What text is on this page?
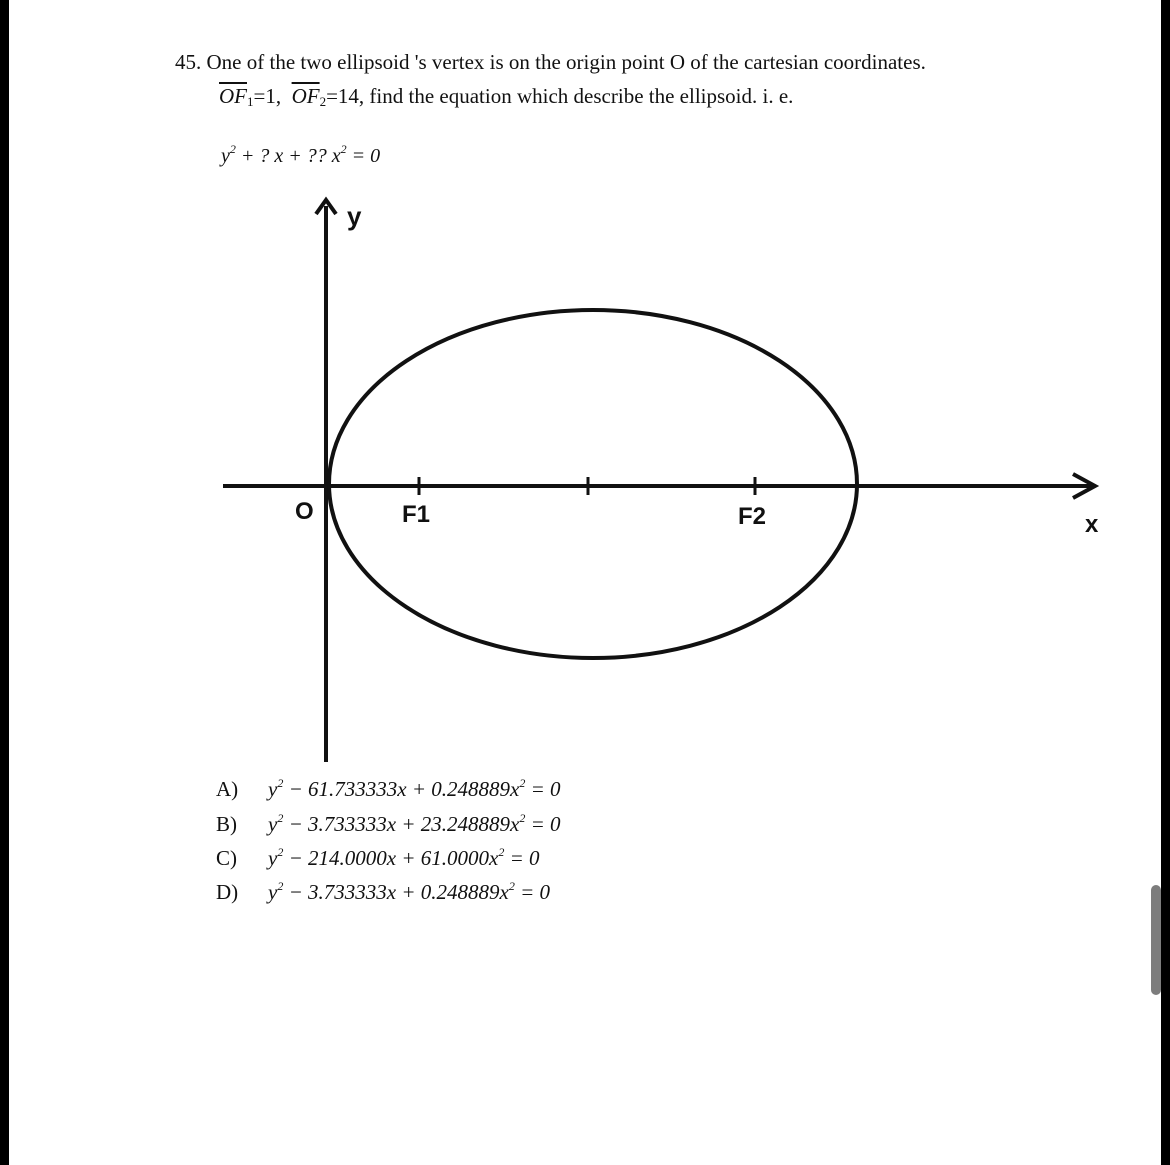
45. One of the two ellipsoid 's vertex is on the origin point O of the cartesian coordinates.
$\overline{OF}_1=1$, $\overline{OF}_2=14$, find the equation which describe the ellipsoid. i. e.
$y^2$ + ? x + ?? $x^2 = 0$
y
O	F1	F2	x
A) $y^2 - 61.733333x + 0.248889x^2 = 0$
B) $y^2 - 3.733333x + 23.248889x^2 = 0$
C) $y^2 - 214.0000x + 61.0000x^2 = 0$
D) $y^2 - 3.733333x + 0.248889x^2 = 0$
